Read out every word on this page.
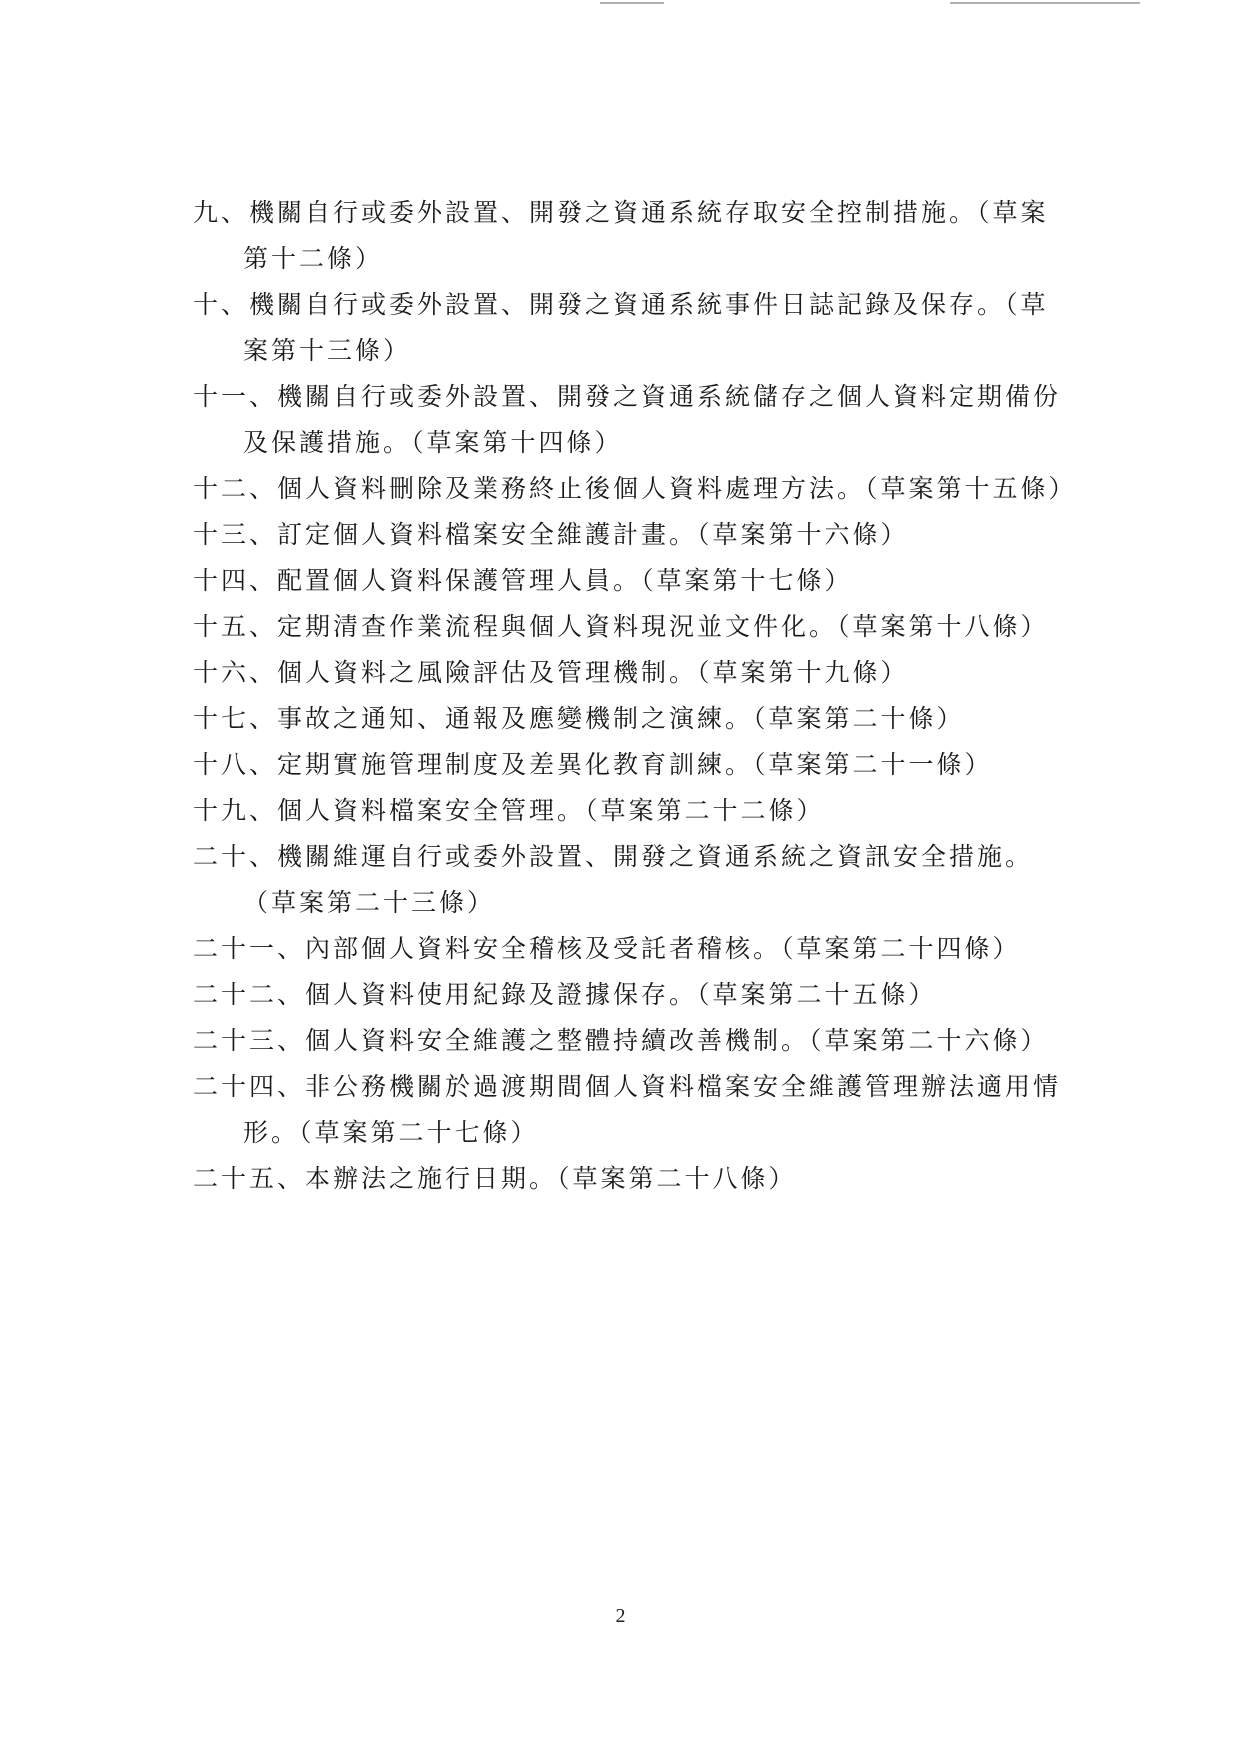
九、機關自行或委外設置、開發之資通系統存取安全控制措施。（草案
第十二條）

十、機關自行或委外設置、開發之資通系統事件日誌記錄及保存。（草
案第十三條）

十一、機關自行或委外設置、開發之資通系統儲存之個人資料定期備份
及保護措施。（草案第十四條）

十二、個人資料刪除及業務終止後個人資料處理方法。（草案第十五條）

十三、訂定個人資料檔案安全維護計畫。（草案第十六條）

十四、配置個人資料保護管理人員。（草案第十七條）

十五、定期清查作業流程與個人資料現況並文件化。（草案第十八條）

十六、個人資料之風險評估及管理機制。（草案第十九條）

十七、事故之通知、通報及應變機制之演練。（草案第二十條）

十八、定期實施管理制度及差異化教育訓練。（草案第二十一條）

十九、個人資料檔案安全管理。（草案第二十二條）

二十、機關維運自行或委外設置、開發之資通系統之資訊安全措施。
（草案第二十三條）

二十一、內部個人資料安全稽核及受託者稽核。（草案第二十四條）

二十二、個人資料使用紀錄及證據保存。（草案第二十五條）

二十三、個人資料安全維護之整體持續改善機制。（草案第二十六條）

二十四、非公務機關於過渡期間個人資料檔案安全維護管理辦法適用情
形。（草案第二十七條）

二十五、本辦法之施行日期。（草案第二十八條）

2
